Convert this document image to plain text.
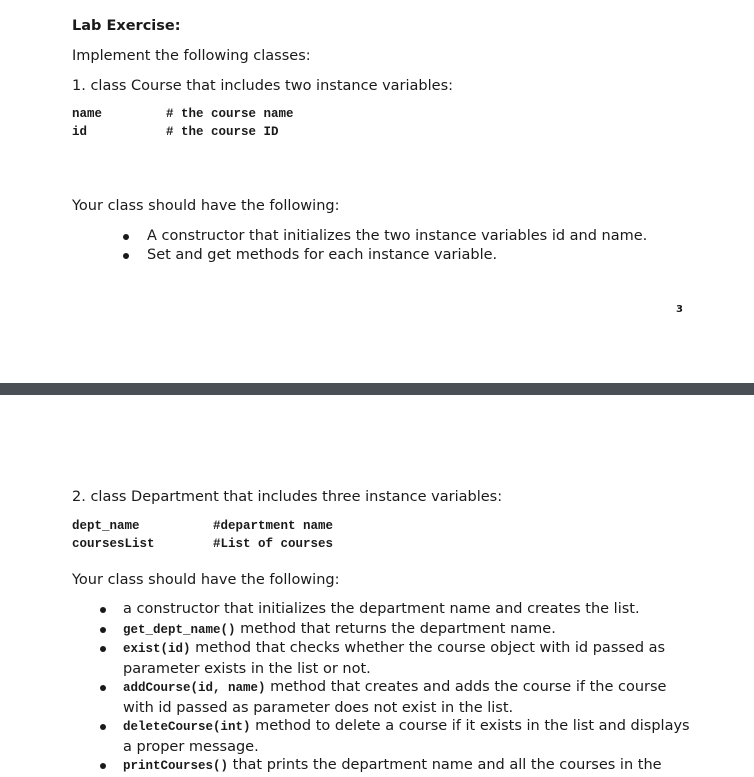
Lab Exercise:
Implement the following classes:
1. class Course that includes two instance variables:
name	# the course name
id	# the course ID
Your class should have the following:
A constructor that initializes the two instance variables id and name.
Set and get methods for each instance variable.
3
2. class Department that includes three instance variables:
dept_name	#department name
coursesList	#List of courses
Your class should have the following:
a constructor that initializes the department name and creates the list.
get_dept_name() method that returns the department name.
exist(id) method that checks whether the course object with id passed as parameter exists in the list or not.
addCourse(id, name) method that creates and adds the course if the course with id passed as parameter does not exist in the list.
deleteCourse(int) method to delete a course if it exists in the list and displays a proper message.
printCourses() that prints the department name and all the courses in the
